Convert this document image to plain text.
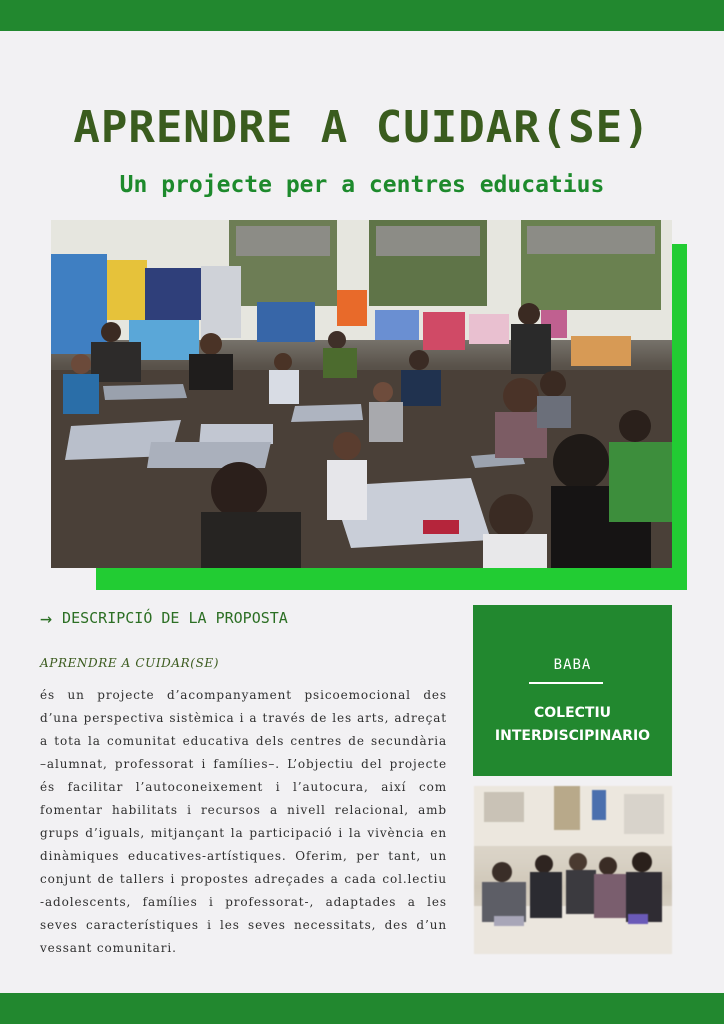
APRENDRE A CUIDAR(SE)
Un projecte per a centres educatius
→ DESCRIPCIÓ DE LA PROPOSTA

APRENDRE A CUIDAR(SE)

és un projecte d’acompanyament psicoemocional des d’una perspectiva sistèmica i a través de les arts, adreçat a tota la comunitat educativa dels centres de secundària –alumnat, professorat i famílies–. L’objectiu del projecte és facilitar l’autoconeixement i l’autocura, així com fomentar habilitats i recursos a nivell relacional, amb grups d’iguals, mitjançant la participació i la vivència en dinàmiques educatives-artístiques. Oferim, per tant, un conjunt de tallers i propostes adreçades a cada col.lectiu -adolescents, famílies i professorat-, adaptades a les seves característiques i les seves necessitats, des d’un vessant comunitari.

BABA
COLECTIU INTERDISCIPINARIO
